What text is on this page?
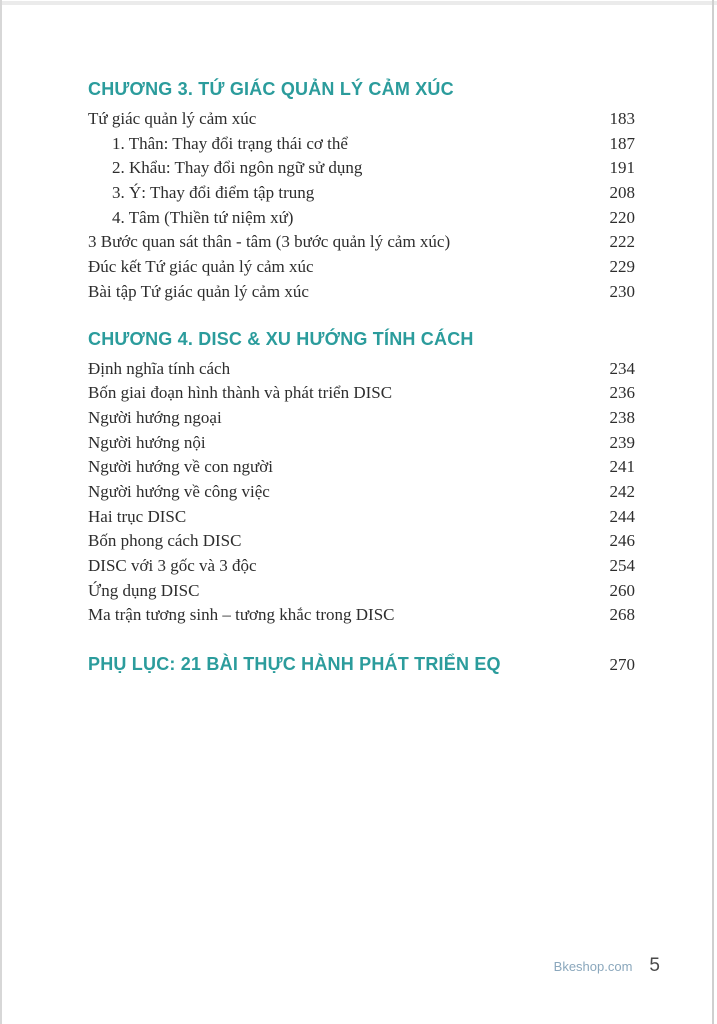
CHƯƠNG 3. TỨ GIÁC QUẢN LÝ CẢM XÚC
Tứ giác quản lý cảm xúc	183
1. Thân: Thay đổi trạng thái cơ thể	187
2. Khẩu: Thay đổi ngôn ngữ sử dụng	191
3. Ý: Thay đổi điểm tập trung	208
4. Tâm (Thiền tứ niệm xứ)	220
3 Bước quan sát thân - tâm (3 bước quản lý cảm xúc)	222
Đúc kết Tứ giác quản lý cảm xúc	229
Bài tập Tứ giác quản lý cảm xúc	230
CHƯƠNG 4. DISC & XU HƯỚNG TÍNH CÁCH
Định nghĩa tính cách	234
Bốn giai đoạn hình thành và phát triển DISC	236
Người hướng ngoại	238
Người hướng nội	239
Người hướng về con người	241
Người hướng về công việc	242
Hai trục DISC	244
Bốn phong cách DISC	246
DISC với 3 gốc và 3 độc	254
Ứng dụng DISC	260
Ma trận tương sinh – tương khắc trong DISC	268
PHỤ LỤC: 21 BÀI THỰC HÀNH PHÁT TRIỂN EQ	270
Bkeshop.com 5
